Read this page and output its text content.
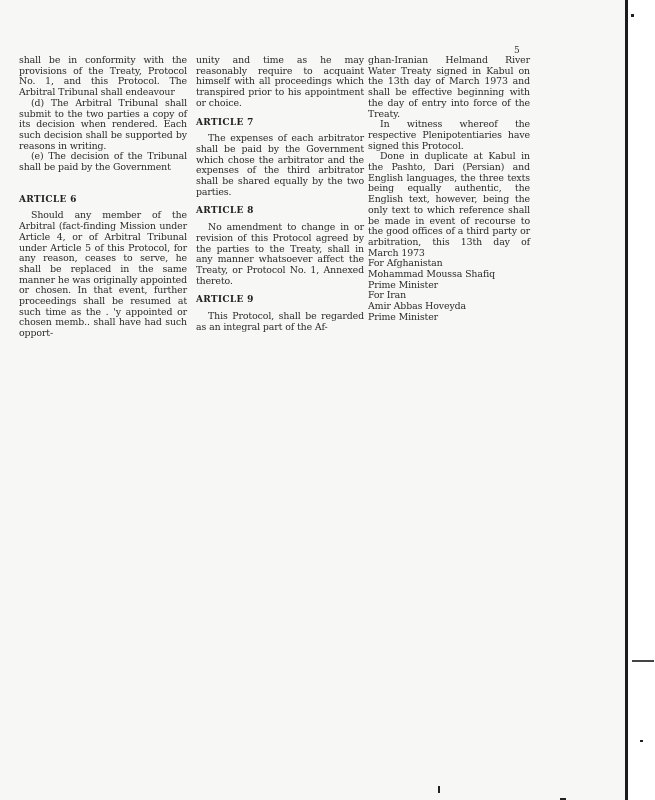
5

shall be in conformity with the provisions of the Treaty, Protocol No. 1, and this Protocol. The Arbitral Tribunal shall endeavour

(d) The Arbitral Tribunal shall submit to the two parties a copy of its decision when rendered. Each such decision shall be supported by reasons in writing.

(e) The decision of the Tribunal shall be paid by the Government

ARTICLE 6

Should any member of the Arbitral (fact-finding Mission under Article 4, or of Arbitral Tribunal under Article 5 of this Protocol, for any reason, ceases to serve, he shall be replaced in the same manner he was originally appointed or chosen. In that event, further proceedings shall be resumed at such time as the . 'y appointed or chosen memb.. shall have had such opport-

unity and time as he may reasonably require to acquaint himself with all proceedings which transpired prior to his appointment or choice.

ARTICLE 7

The expenses of each arbitrator shall be paid by the Government which chose the arbitrator and the expenses of the third arbitrator shall be shared equally by the two parties.

ARTICLE 8

No amendment to change in or revision of this Protocol agreed by the parties to the Treaty, shall in any manner whatsoever affect the Treaty, or Protocol No. 1, Annexed thereto.

ARTICLE 9

This Protocol, shall be regarded as an integral part of the Af-

ghan-Iranian Helmand River Water Treaty signed in Kabul on the 13th day of March 1973 and shall be effective beginning with the day of entry into force of the Treaty.

In witness whereof the respective Plenipotentiaries have signed this Protocol.

Done in duplicate at Kabul in the Pashto, Dari (Persian) and English languages, the three texts being equally authentic, the English text, however, being the only text to which reference shall be made in event of recourse to the good offices of a third party or arbitration, this 13th day of March 1973

For Afghanistan

Mohammad Moussa Shafiq

Prime Minister

For Iran

Amir Abbas Hoveyda

Prime Minister
